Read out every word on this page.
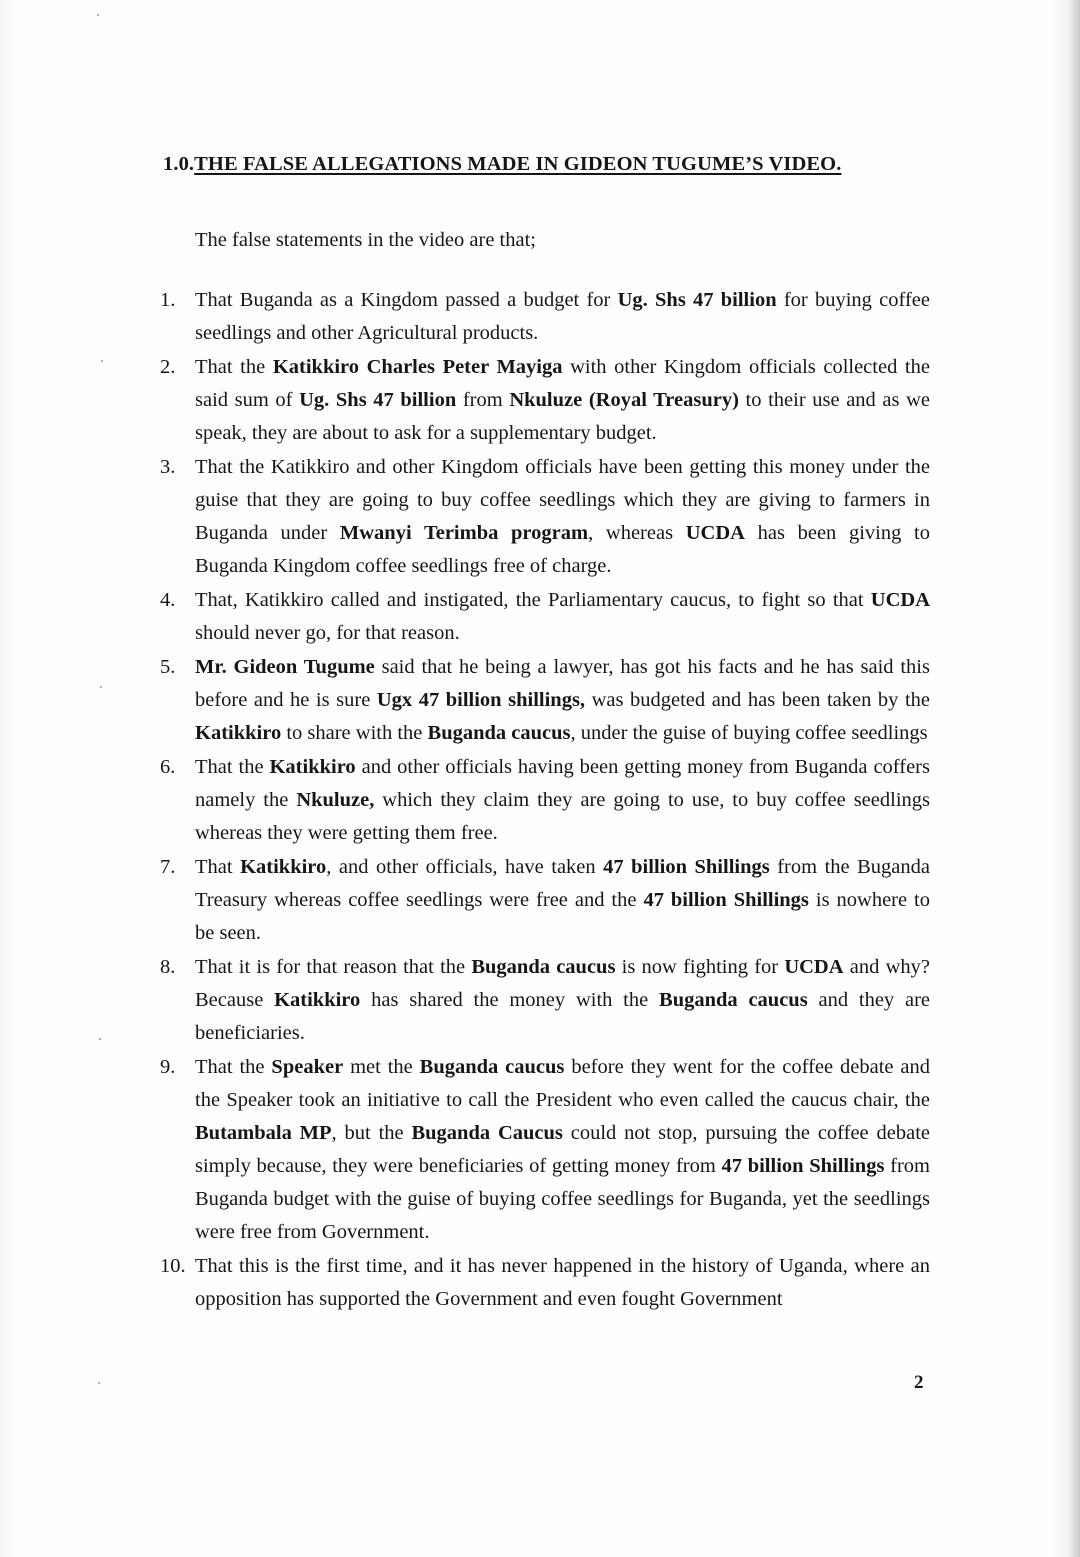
1.0.THE FALSE ALLEGATIONS MADE IN GIDEON TUGUME’S VIDEO.
The false statements in the video are that;
1. That Buganda as a Kingdom passed a budget for Ug. Shs 47 billion for buying coffee seedlings and other Agricultural products.
2. That the Katikkiro Charles Peter Mayiga with other Kingdom officials collected the said sum of Ug. Shs 47 billion from Nkuluze (Royal Treasury) to their use and as we speak, they are about to ask for a supplementary budget.
3. That the Katikkiro and other Kingdom officials have been getting this money under the guise that they are going to buy coffee seedlings which they are giving to farmers in Buganda under Mwanyi Terimba program, whereas UCDA has been giving to Buganda Kingdom coffee seedlings free of charge.
4. That, Katikkiro called and instigated, the Parliamentary caucus, to fight so that UCDA should never go, for that reason.
5. Mr. Gideon Tugume said that he being a lawyer, has got his facts and he has said this before and he is sure Ugx 47 billion shillings, was budgeted and has been taken by the Katikkiro to share with the Buganda caucus, under the guise of buying coffee seedlings
6. That the Katikkiro and other officials having been getting money from Buganda coffers namely the Nkuluze, which they claim they are going to use, to buy coffee seedlings whereas they were getting them free.
7. That Katikkiro, and other officials, have taken 47 billion Shillings from the Buganda Treasury whereas coffee seedlings were free and the 47 billion Shillings is nowhere to be seen.
8. That it is for that reason that the Buganda caucus is now fighting for UCDA and why? Because Katikkiro has shared the money with the Buganda caucus and they are beneficiaries.
9. That the Speaker met the Buganda caucus before they went for the coffee debate and the Speaker took an initiative to call the President who even called the caucus chair, the Butambala MP, but the Buganda Caucus could not stop, pursuing the coffee debate simply because, they were beneficiaries of getting money from 47 billion Shillings from Buganda budget with the guise of buying coffee seedlings for Buganda, yet the seedlings were free from Government.
10. That this is the first time, and it has never happened in the history of Uganda, where an opposition has supported the Government and even fought Government
2
